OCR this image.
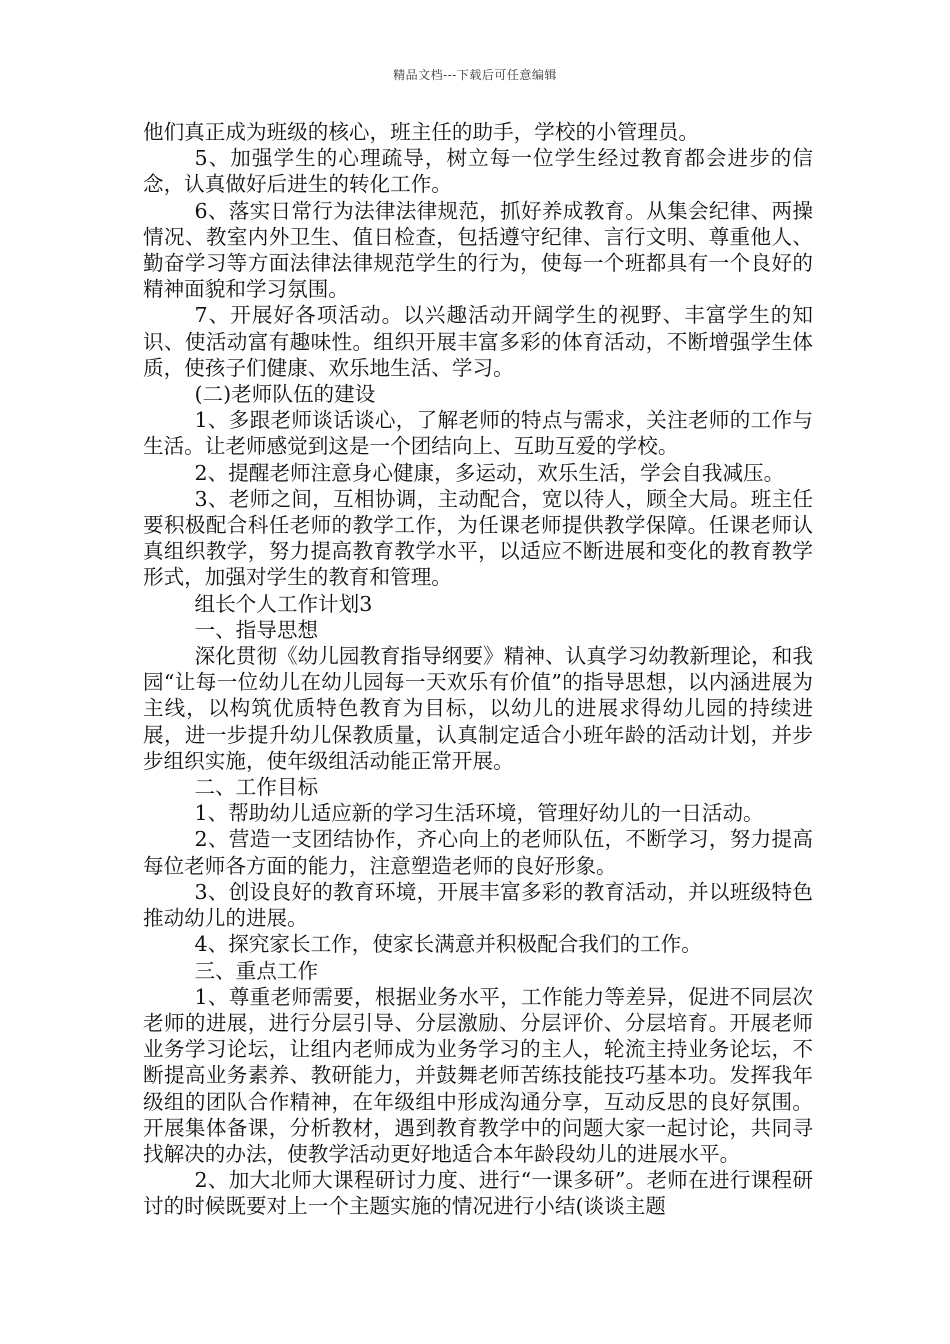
精品文档---下载后可任意编辑

他们真正成为班级的核心，班主任的助手，学校的小管理员。

5、加强学生的心理疏导，树立每一位学生经过教育都会进步的信念，认真做好后进生的转化工作。

6、落实日常行为法律法律规范，抓好养成教育。从集会纪律、两操情况、教室内外卫生、值日检查，包括遵守纪律、言行文明、尊重他人、勤奋学习等方面法律法律规范学生的行为，使每一个班都具有一个良好的精神面貌和学习氛围。

7、开展好各项活动。以兴趣活动开阔学生的视野、丰富学生的知识、使活动富有趣味性。组织开展丰富多彩的体育活动，不断增强学生体质，使孩子们健康、欢乐地生活、学习。

(二)老师队伍的建设

1、多跟老师谈话谈心，了解老师的特点与需求，关注老师的工作与生活。让老师感觉到这是一个团结向上、互助互爱的学校。

2、提醒老师注意身心健康，多运动，欢乐生活，学会自我减压。

3、老师之间，互相协调，主动配合，宽以待人，顾全大局。班主任要积极配合科任老师的教学工作，为任课老师提供教学保障。任课老师认真组织教学，努力提高教育教学水平，以适应不断进展和变化的教育教学形式，加强对学生的教育和管理。

组长个人工作计划3

一、指导思想

深化贯彻《幼儿园教育指导纲要》精神、认真学习幼教新理论，和我园“让每一位幼儿在幼儿园每一天欢乐有价值”的指导思想，以内涵进展为主线，以构筑优质特色教育为目标，以幼儿的进展求得幼儿园的持续进展，进一步提升幼儿保教质量，认真制定适合小班年龄的活动计划，并步步组织实施，使年级组活动能正常开展。

二、工作目标

1、帮助幼儿适应新的学习生活环境，管理好幼儿的一日活动。

2、营造一支团结协作，齐心向上的老师队伍，不断学习，努力提高每位老师各方面的能力，注意塑造老师的良好形象。

3、创设良好的教育环境，开展丰富多彩的教育活动，并以班级特色推动幼儿的进展。

4、探究家长工作，使家长满意并积极配合我们的工作。

三、重点工作

1、尊重老师需要，根据业务水平，工作能力等差异，促进不同层次老师的进展，进行分层引导、分层激励、分层评价、分层培育。开展老师业务学习论坛，让组内老师成为业务学习的主人，轮流主持业务论坛，不断提高业务素养、教研能力，并鼓舞老师苦练技能技巧基本功。发挥我年级组的团队合作精神，在年级组中形成沟通分享，互动反思的良好氛围。开展集体备课，分析教材，遇到教育教学中的问题大家一起讨论，共同寻找解决的办法，使教学活动更好地适合本年龄段幼儿的进展水平。

2、加大北师大课程研讨力度、进行“一课多研”。老师在进行课程研讨的时候既要对上一个主题实施的情况进行小结(谈谈主题
